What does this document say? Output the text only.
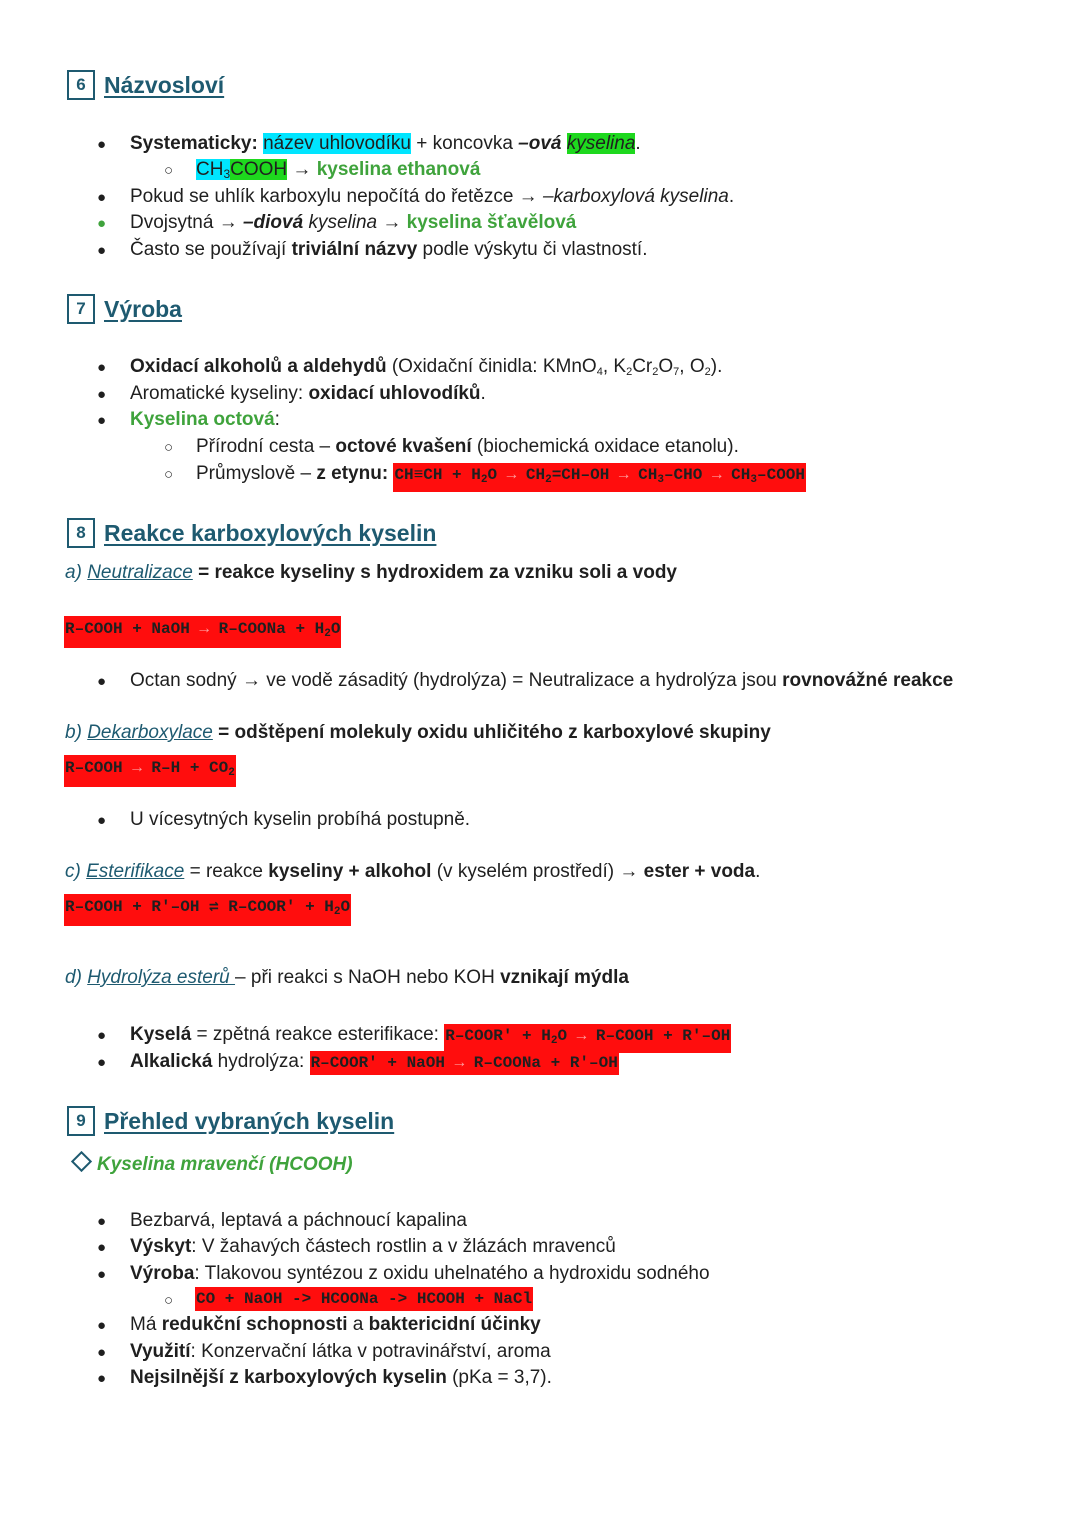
6 Názvosloví
● Systematicky: název uhlovodíku + koncovka –ová kyselina.
○ $CH_3COOH$ → kyselina ethanová
● Pokud se uhlík karboxylu nepočítá do řetězce → –karboxylová kyselina.
● Dvojsytná → –diová kyselina → kyselina šťavělová
● Často se používají triviální názvy podle výskytu či vlastností.
7 Výroba
● Oxidací alkoholů a aldehydů (Oxidační činidla: KMnO4, K2Cr2O7, O2).
● Aromatické kyseliny: oxidací uhlovodíků.
● Kyselina octová:
○ Přírodní cesta – octové kvašení (biochemická oxidace etanolu).
○ Průmyslově – z etynu: CH≡CH + H2O → CH2=CH–OH → CH3–CHO → CH3–COOH
8 Reakce karboxylových kyselin
a) Neutralizace = reakce kyseliny s hydroxidem za vzniku soli a vody
R–COOH + NaOH → R–COONa + H2O
● Octan sodný → ve vodě zásaditý (hydrolýza) = Neutralizace a hydrolýza jsou rovnovážné reakce
b) Dekarboxylace = odštěpení molekuly oxidu uhličitého z karboxylové skupiny
R–COOH → R–H + CO2
● U vícesytných kyselin probíhá postupně.
c) Esterifikace = reakce kyseliny + alkohol (v kyselém prostředí) → ester + voda.
R–COOH + R'–OH ⇌ R–COOR' + H2O
d) Hydrolýza esterů – při reakci s NaOH nebo KOH vznikají mýdla
● Kyselá = zpětná reakce esterifikace: R–COOR' + H2O → R–COOH + R'–OH
● Alkalická hydrolýza: R–COOR' + NaOH → R–COONa + R'–OH
9 Přehled vybraných kyselin
Kyselina mravenčí (HCOOH)
● Bezbarvá, leptavá a páchnoucí kapalina
● Výskyt: V žahavých částech rostlin a v žlázách mravenců
● Výroba: Tlakovou syntézou z oxidu uhelnatého a hydroxidu sodného
○ CO + NaOH -> HCOONa -> HCOOH + NaCl
● Má redukční schopnosti a baktericidní účinky
● Využití: Konzervační látka v potravinářství, aroma
● Nejsilnější z karboxylových kyselin (pKa = 3,7).
